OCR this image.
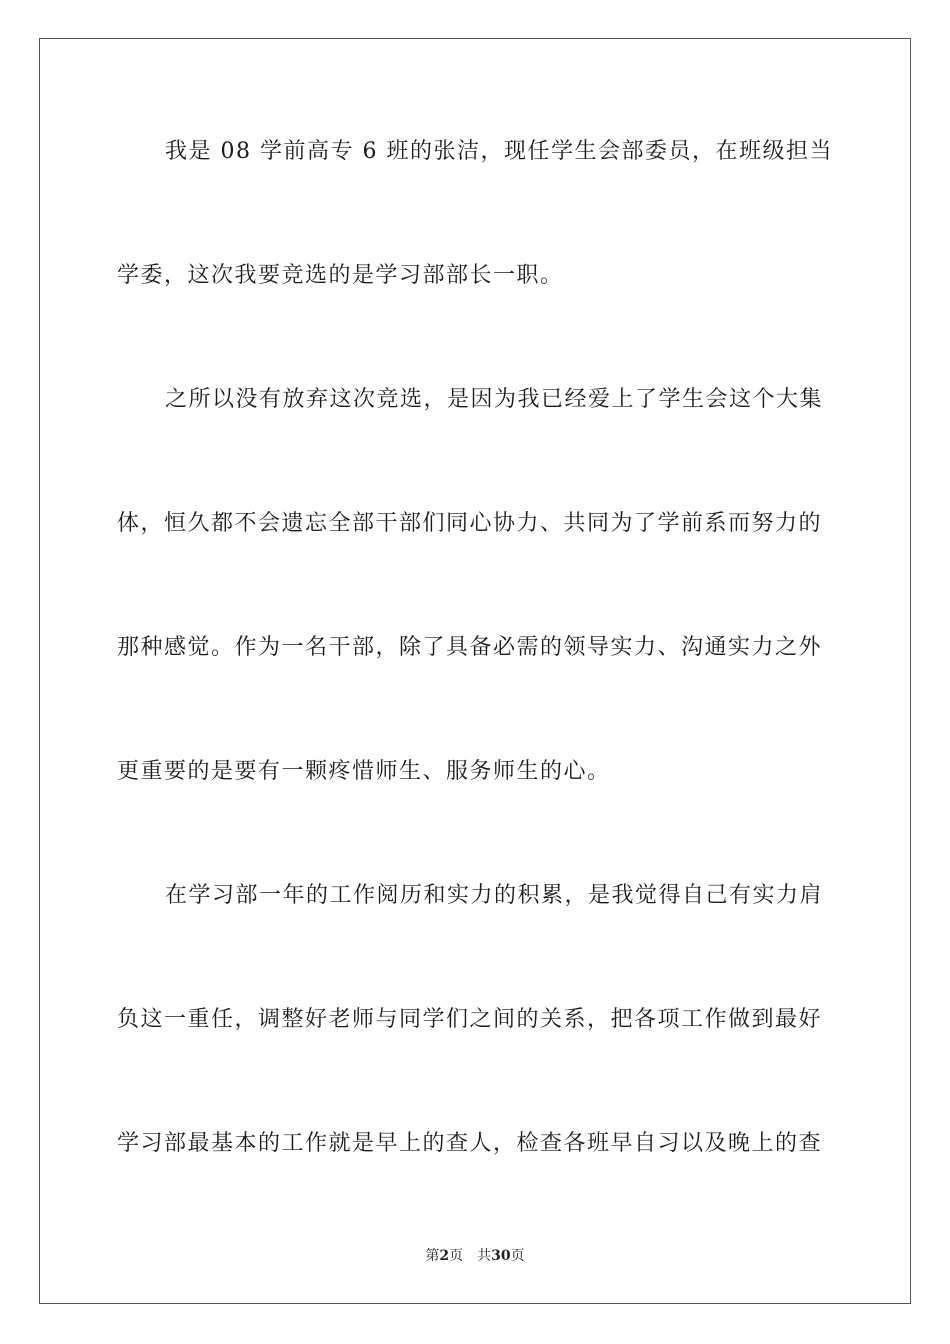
我是 08 学前高专 6 班的张洁，现任学生会部委员，在班级担当
学委，这次我要竞选的是学习部部长一职。
之所以没有放弃这次竞选，是因为我已经爱上了学生会这个大集
体，恒久都不会遗忘全部干部们同心协力、共同为了学前系而努力的
那种感觉。作为一名干部，除了具备必需的领导实力、沟通实力之外
更重要的是要有一颗疼惜师生、服务师生的心。
在学习部一年的工作阅历和实力的积累，是我觉得自己有实力肩
负这一重任，调整好老师与同学们之间的关系，把各项工作做到最好
学习部最基本的工作就是早上的查人，检查各班早自习以及晚上的查
第2页 共30页
